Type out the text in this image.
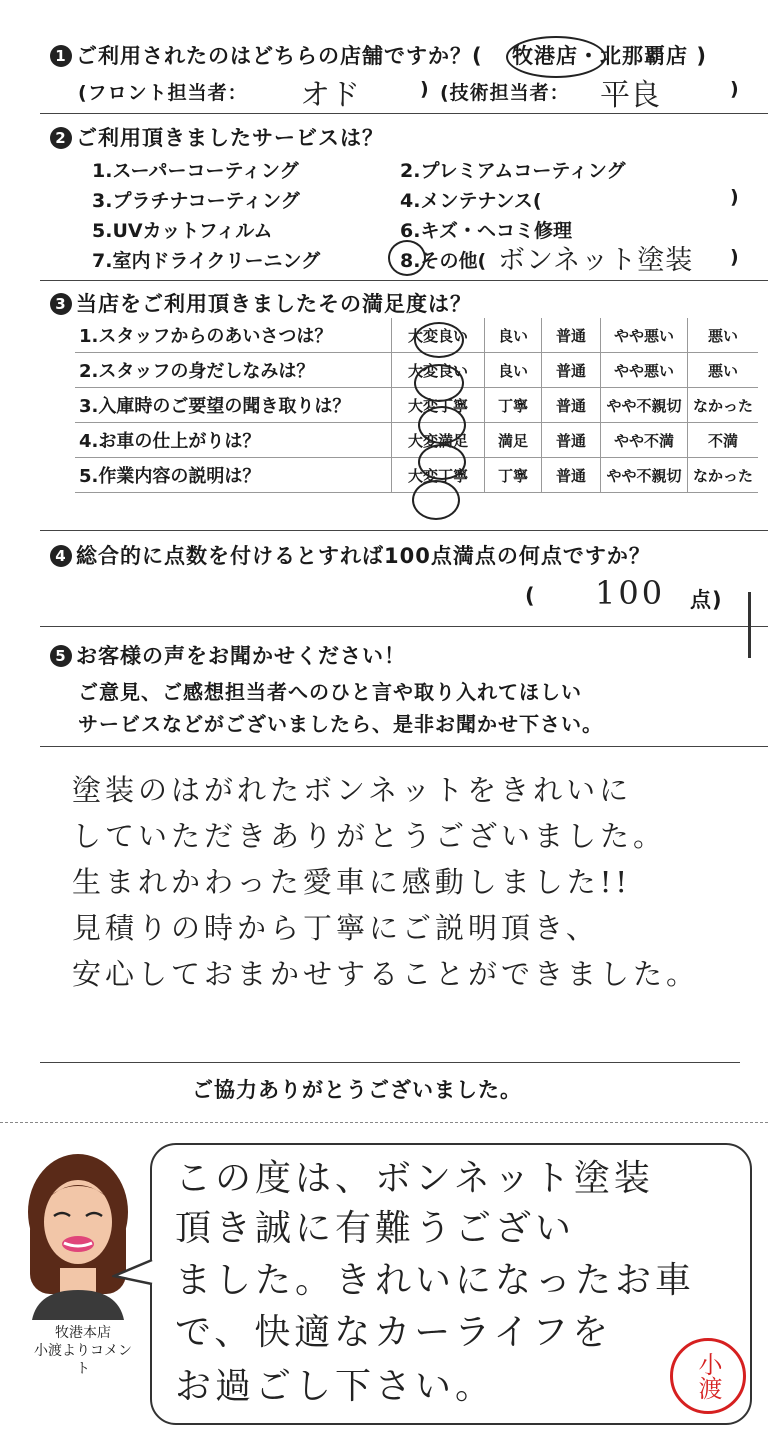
1 ご利用されたのはどちらの店舗ですか？( 牧港店・北那覇店 )
(フロント担当者： オド	) (技術担当者： 平良	)
2 ご利用頂きましたサービスは？
1.スーパーコーティング	2.プレミアムコーティング
3.プラチナコーティング	4.メンテナンス(	)
5.UVカットフィルム	6.キズ・ヘコミ修理
7.室内ドライクリーニング	8.その他( ボンネット塗装 )
3 当店をご利用頂きましたその満足度は？
1.スタッフからのあいさつは？	大変良い	良い	普通	やや悪い	悪い
2.スタッフの身だしなみは？	大変良い	良い	普通	やや悪い	悪い
3.入庫時のご要望の聞き取りは？	大変丁寧	丁寧	普通	やや不親切	なかった
4.お車の仕上がりは？	大変満足	満足	普通	やや不満	不満
5.作業内容の説明は？	大変丁寧	丁寧	普通	やや不親切	なかった
4 総合的に点数を付けるとすれば100点満点の何点ですか？
( 100 点)
5 お客様の声をお聞かせください！
ご意見、ご感想担当者へのひと言や取り入れてほしい
サービスなどがございましたら、是非お聞かせ下さい。
塗装のはがれたボンネットをきれいに
していただきありがとうございました。
生まれかわった愛車に感動しました!!
見積りの時から丁寧にご説明頂き、
安心しておまかせすることができました。
ご協力ありがとうございました。
牧港本店
小渡よりコメント
この度は、ボンネット塗装
頂き誠に有難うござい
ました。きれいになったお車
で、快適なカーライフを
お過ごし下さい。	小渡
